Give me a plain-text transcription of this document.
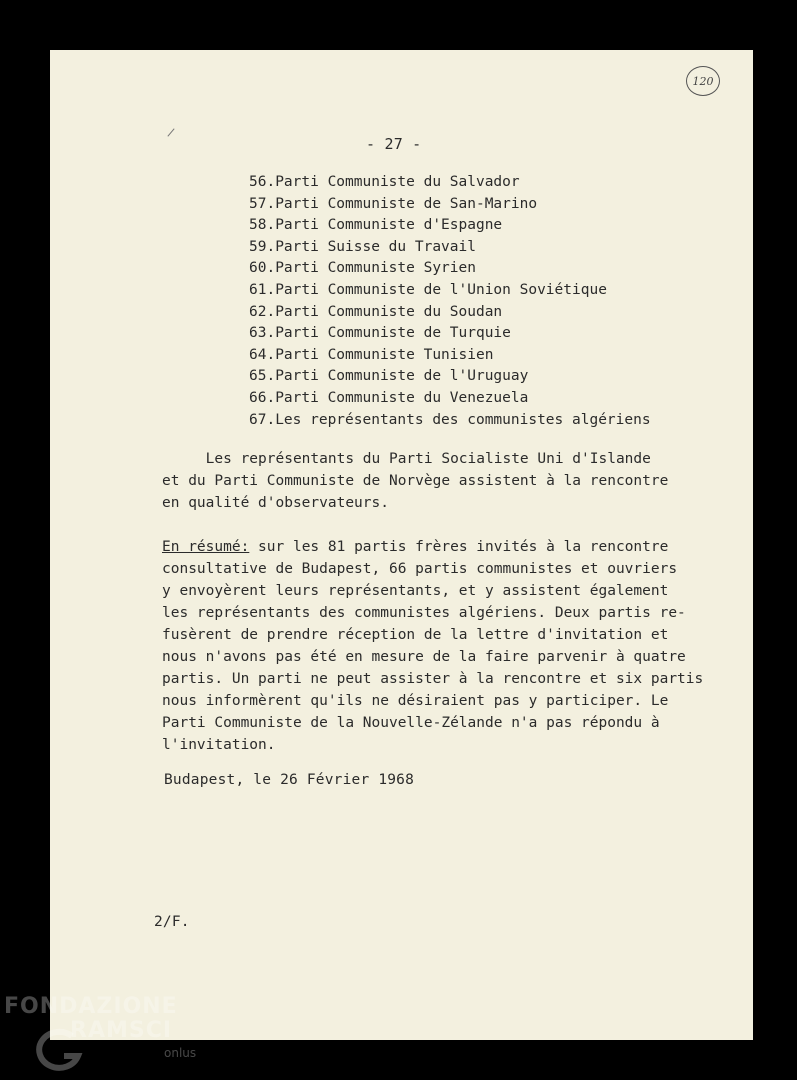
120
- 27 -
56.Parti Communiste du Salvador
57.Parti Communiste de San-Marino
58.Parti Communiste d'Espagne
59.Parti Suisse du Travail
60.Parti Communiste Syrien
61.Parti Communiste de l'Union Soviétique
62.Parti Communiste du Soudan
63.Parti Communiste de Turquie
64.Parti Communiste Tunisien
65.Parti Communiste de l'Uruguay
66.Parti Communiste du Venezuela
67.Les représentants des communistes algériens

Les représentants du Parti Socialiste Uni d'Islande
et du Parti Communiste de Norvège assistent à la rencontre
en qualité d'observateurs.

En résumé: sur les 81 partis frères invités à la rencontre
consultative de Budapest, 66 partis communistes et ouvriers
y envoyèrent leurs représentants, et y assistent également
les représentants des communistes algériens. Deux partis re-
fusèrent de prendre réception de la lettre d'invitation et
nous n'avons pas été en mesure de la faire parvenir à quatre
partis. Un parti ne peut assister à la rencontre et six partis
nous informèrent qu'ils ne désiraient pas y participer. Le
Parti Communiste de la Nouvelle-Zélande n'a pas répondu à
l'invitation.

Budapest, le 26 Février 1968
2/F.
FONDAZIONE
RAMSCI
onlus
